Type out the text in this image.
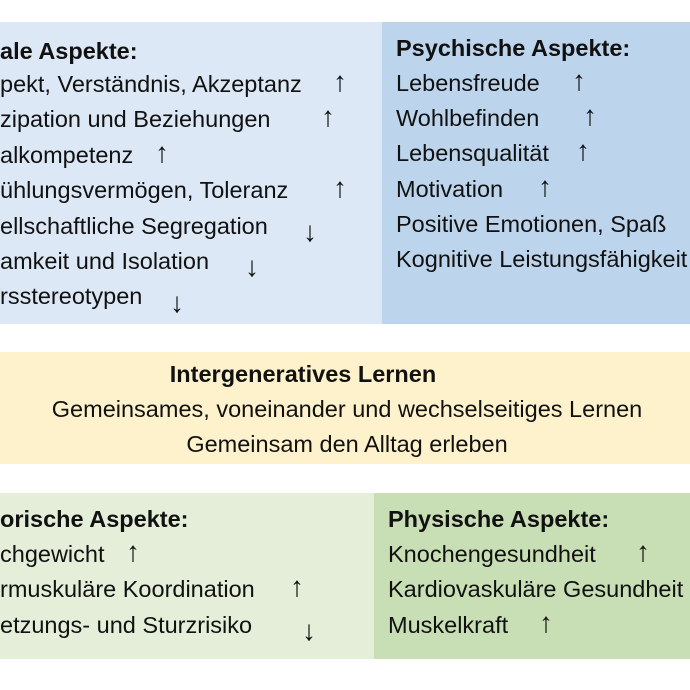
ale Aspekte:
pekt, Verständnis, Akzeptanz ↑
zipation und Beziehungen ↑
alkompetenz ↑
ühlungsvermögen, Toleranz ↑
ellschaftliche Segregation ↓
amkeit und Isolation ↓
rsstereotypen ↓
Psychische Aspekte:
Lebensfreude ↑
Wohlbefinden ↑
Lebensqualität ↑
Motivation ↑
Positive Emotionen, Spaß
Kognitive Leistungsfähigkeit
Intergeneratives Lernen
Gemeinsames, voneinander und wechselseitiges Lernen
Gemeinsam den Alltag erleben
orische Aspekte:
chgewicht ↑
rmuskuläre Koordination ↑
etzungs- und Sturzrisiko ↓
Physische Aspekte:
Knochengesundheit ↑
Kardiovaskuläre Gesundheit
Muskelkraft ↑
